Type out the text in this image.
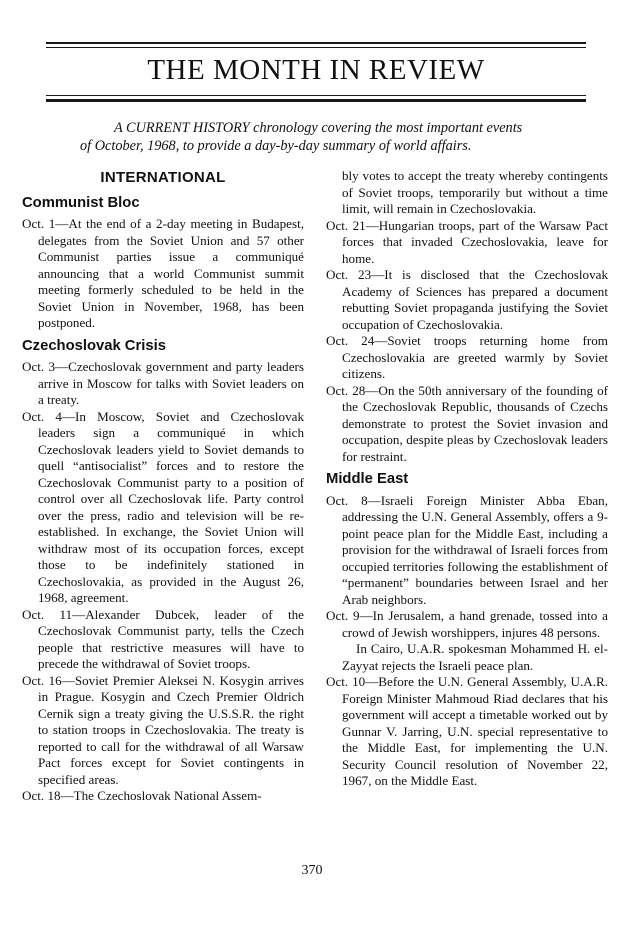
THE MONTH IN REVIEW

A CURRENT HISTORY chronology covering the most important events
of October, 1968, to provide a day-by-day summary of world affairs.

INTERNATIONAL
Communist Bloc

Oct. 1—At the end of a 2-day meeting in Budapest, delegates from the Soviet Union and 57 other Communist parties issue a communiqué announcing that a world Communist summit meeting formerly scheduled to be held in the Soviet Union in November, 1968, has been postponed.

Czechoslovak Crisis

Oct. 3—Czechoslovak government and party leaders arrive in Moscow for talks with Soviet leaders on a treaty.

Oct. 4—In Moscow, Soviet and Czechoslovak leaders sign a communiqué in which Czechoslovak leaders yield to Soviet demands to quell “antisocialist” forces and to restore the Czechoslovak Communist party to a position of control over all Czechoslovak life. Party control over the press, radio and television will be re-established. In exchange, the Soviet Union will withdraw most of its occupation forces, except those to be indefinitely stationed in Czechoslovakia, as provided in the August 26, 1968, agreement.

Oct. 11—Alexander Dubcek, leader of the Czechoslovak Communist party, tells the Czech people that restrictive measures will have to precede the withdrawal of Soviet troops.

Oct. 16—Soviet Premier Aleksei N. Kosygin arrives in Prague. Kosygin and Czech Premier Oldrich Cernik sign a treaty giving the U.S.S.R. the right to station troops in Czechoslovakia. The treaty is reported to call for the withdrawal of all Warsaw Pact forces except for Soviet contingents in specified areas.

Oct. 18—The Czechoslovak National Assem-

bly votes to accept the treaty whereby contingents of Soviet troops, temporarily but without a time limit, will remain in Czechoslovakia.

Oct. 21—Hungarian troops, part of the Warsaw Pact forces that invaded Czechoslovakia, leave for home.

Oct. 23—It is disclosed that the Czechoslovak Academy of Sciences has prepared a document rebutting Soviet propaganda justifying the Soviet occupation of Czechoslovakia.

Oct. 24—Soviet troops returning home from Czechoslovakia are greeted warmly by Soviet citizens.

Oct. 28—On the 50th anniversary of the founding of the Czechoslovak Republic, thousands of Czechs demonstrate to protest the Soviet invasion and occupation, despite pleas by Czechoslovak leaders for restraint.

Middle East

Oct. 8—Israeli Foreign Minister Abba Eban, addressing the U.N. General Assembly, offers a 9-point peace plan for the Middle East, including a provision for the withdrawal of Israeli forces from occupied territories following the establishment of “permanent” boundaries between Israel and her Arab neighbors.

Oct. 9—In Jerusalem, a hand grenade, tossed into a crowd of Jewish worshippers, injures 48 persons.

In Cairo, U.A.R. spokesman Mohammed H. el-Zayyat rejects the Israeli peace plan.

Oct. 10—Before the U.N. General Assembly, U.A.R. Foreign Minister Mahmoud Riad declares that his government will accept a timetable worked out by Gunnar V. Jarring, U.N. special representative to the Middle East, for implementing the U.N. Security Council resolution of November 22, 1967, on the Middle East.

370
